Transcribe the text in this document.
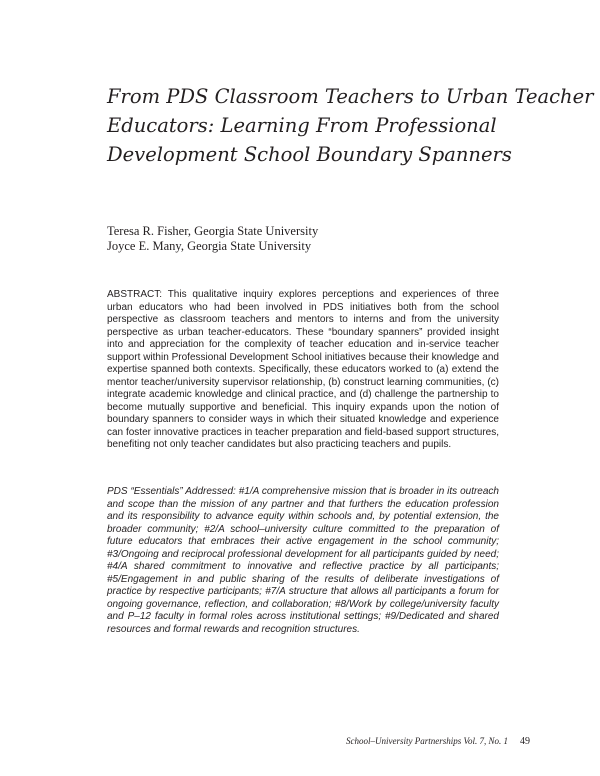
From PDS Classroom Teachers to Urban Teacher
Educators: Learning From Professional
Development School Boundary Spanners
Teresa R. Fisher, Georgia State University
Joyce E. Many, Georgia State University
ABSTRACT: This qualitative inquiry explores perceptions and experiences of three urban educators who had been involved in PDS initiatives both from the school perspective as classroom teachers and mentors to interns and from the university perspective as urban teacher-educators. These “boundary spanners” provided insight into and appreciation for the complexity of teacher education and in-service teacher support within Professional Development School initiatives because their knowledge and expertise spanned both contexts. Specifically, these educators worked to (a) extend the mentor teacher/university supervisor relationship, (b) construct learning communities, (c) integrate academic knowledge and clinical practice, and (d) challenge the partnership to become mutually supportive and beneficial. This inquiry expands upon the notion of boundary spanners to consider ways in which their situated knowledge and experience can foster innovative practices in teacher preparation and field-based support structures, benefiting not only teacher candidates but also practicing teachers and pupils.
PDS “Essentials” Addressed: #1/A comprehensive mission that is broader in its outreach and scope than the mission of any partner and that furthers the education profession and its responsibility to advance equity within schools and, by potential extension, the broader community; #2/A school–university culture committed to the preparation of future educators that embraces their active engagement in the school community; #3/Ongoing and reciprocal professional development for all participants guided by need; #4/A shared commitment to innovative and reflective practice by all participants; #5/Engagement in and public sharing of the results of deliberate investigations of practice by respective participants; #7/A structure that allows all participants a forum for ongoing governance, reflection, and collaboration; #8/Work by college/university faculty and P–12 faculty in formal roles across institutional settings; #9/Dedicated and shared resources and formal rewards and recognition structures.
School–University Partnerships Vol. 7, No. 1 49
